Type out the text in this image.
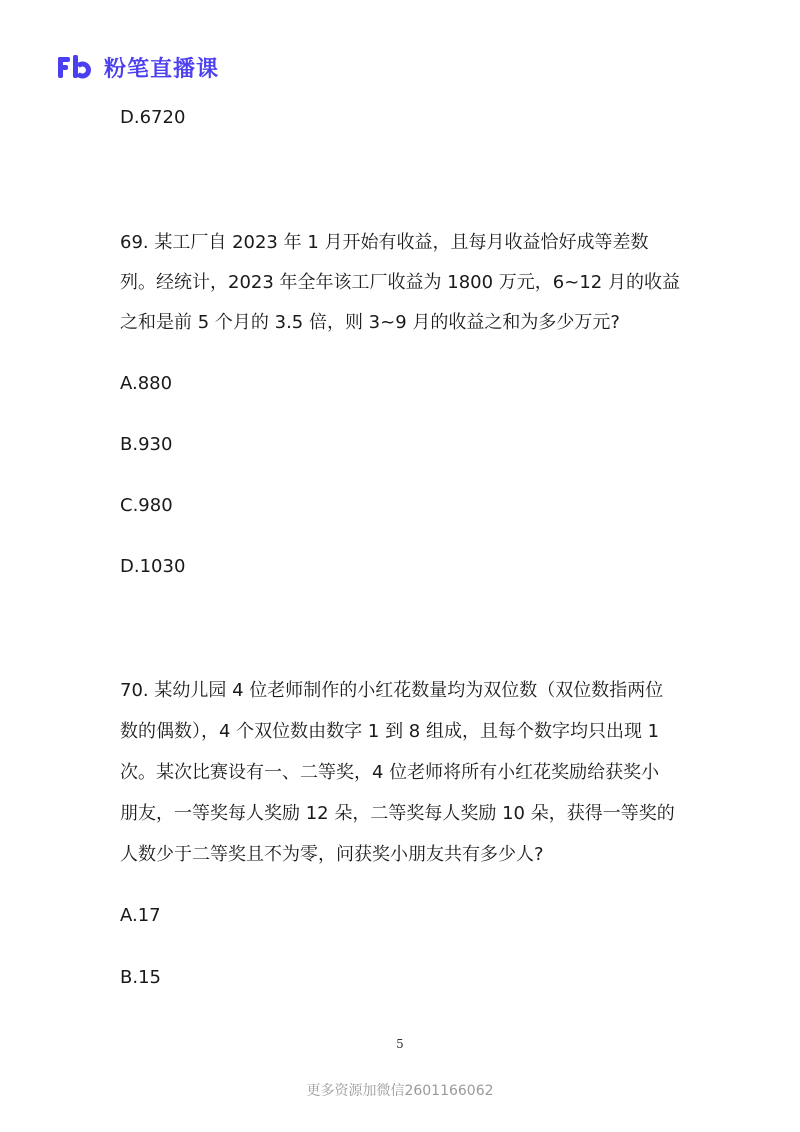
粉笔直播课
D.6720
69. 某工厂自 2023 年 1 月开始有收益，且每月收益恰好成等差数
列。经统计，2023 年全年该工厂收益为 1800 万元，6~12 月的收益
之和是前 5 个月的 3.5 倍，则 3~9 月的收益之和为多少万元?
A.880
B.930
C.980
D.1030
70. 某幼儿园 4 位老师制作的小红花数量均为双位数（双位数指两位
数的偶数），4 个双位数由数字 1 到 8 组成，且每个数字均只出现 1
次。某次比赛设有一、二等奖，4 位老师将所有小红花奖励给获奖小
朋友，一等奖每人奖励 12 朵，二等奖每人奖励 10 朵，获得一等奖的
人数少于二等奖且不为零，问获奖小朋友共有多少人?
A.17
B.15
5
更多资源加微信2601166062
